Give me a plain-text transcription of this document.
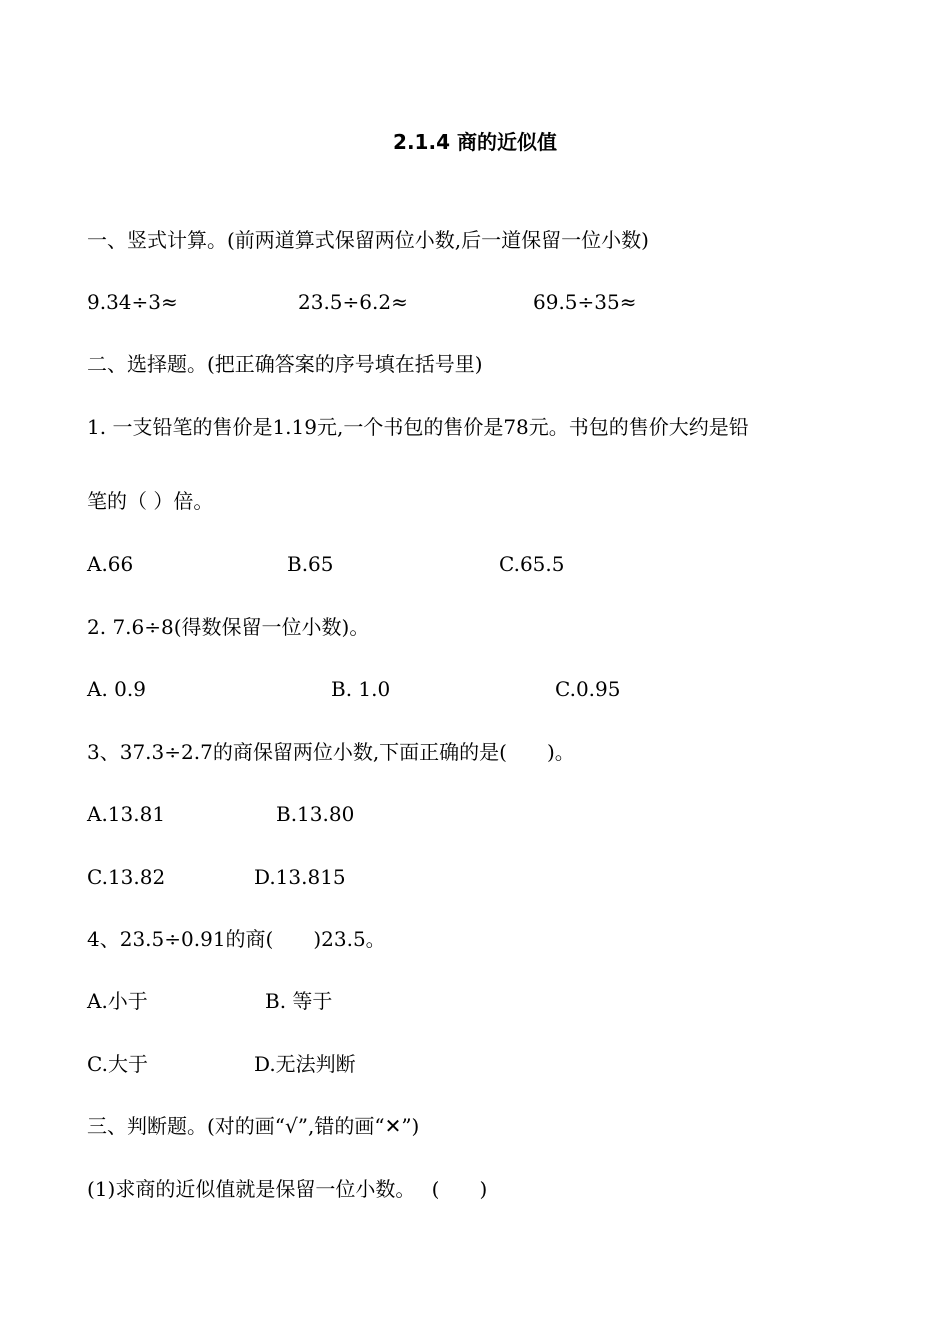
2.1.4 商的近似值
一、竖式计算。(前两道算式保留两位小数,后一道保留一位小数)
9.34÷3≈	23.5÷6.2≈	69.5÷35≈
二、选择题。(把正确答案的序号填在括号里)
1. 一支铅笔的售价是1.19元,一个书包的售价是78元。书包的售价大约是铅
笔的（ ）倍。
A.66	B.65	C.65.5
2. 7.6÷8(得数保留一位小数)。
A. 0.9	B. 1.0	C.0.95
3、37.3÷2.7的商保留两位小数,下面正确的是(　　)。
A.13.81	B.13.80
C.13.82	D.13.815
4、23.5÷0.91的商(　　)23.5。
A.小于	B. 等于
C.大于	D.无法判断
三、判断题。(对的画“√”,错的画“✕”)
(1)求商的近似值就是保留一位小数。　 (　　)
